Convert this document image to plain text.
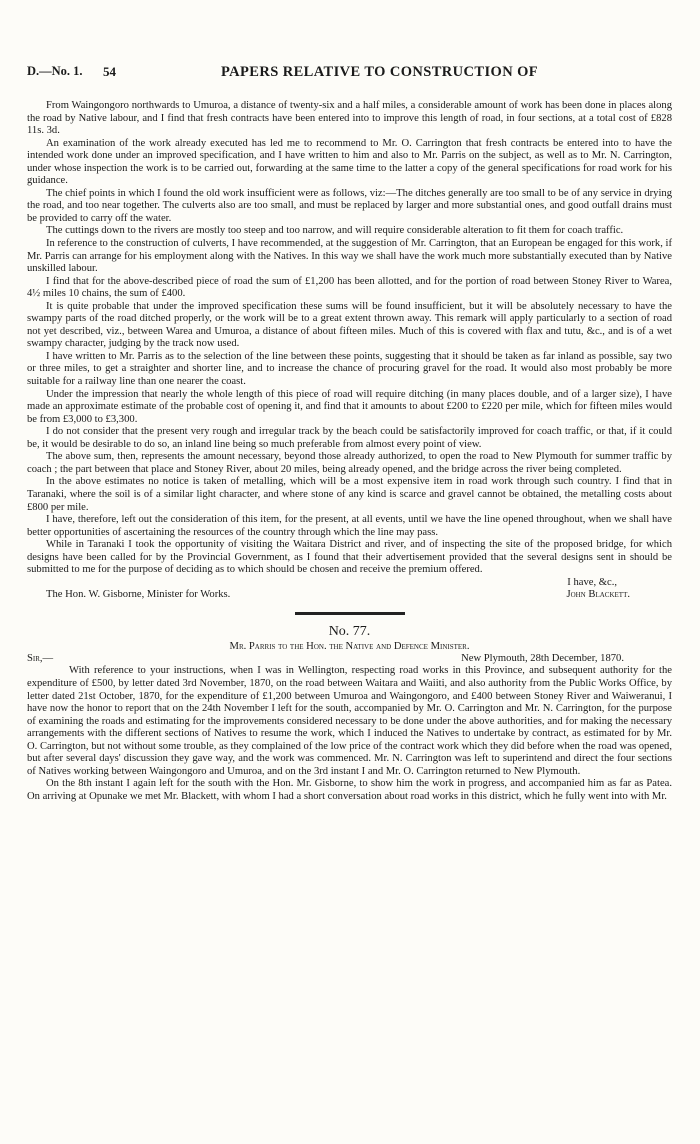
D.—No. 1. 54	PAPERS RELATIVE TO CONSTRUCTION OF

From Waingongoro northwards to Umuroa, a distance of twenty-six and a half miles, a considerable amount of work has been done in places along the road by Native labour, and I find that fresh contracts have been entered into to improve this length of road, in four sections, at a total cost of £828 11s. 3d.

An examination of the work already executed has led me to recommend to Mr. O. Carrington that fresh contracts be entered into to have the intended work done under an improved specification, and I have written to him and also to Mr. Parris on the subject, as well as to Mr. N. Carrington, under whose inspection the work is to be carried out, forwarding at the same time to the latter a copy of the general specifications for road work for his guidance.

The chief points in which I found the old work insufficient were as follows, viz:—The ditches generally are too small to be of any service in drying the road, and too near together. The culverts also are too small, and must be replaced by larger and more substantial ones, and good outfall drains must be provided to carry off the water.

The cuttings down to the rivers are mostly too steep and too narrow, and will require considerable alteration to fit them for coach traffic.

In reference to the construction of culverts, I have recommended, at the suggestion of Mr. Carrington, that an European be engaged for this work, if Mr. Parris can arrange for his employment along with the Natives. In this way we shall have the work much more substantially executed than by Native unskilled labour.

I find that for the above-described piece of road the sum of £1,200 has been allotted, and for the portion of road between Stoney River to Warea, 4½ miles 10 chains, the sum of £400.

It is quite probable that under the improved specification these sums will be found insufficient, but it will be absolutely necessary to have the swampy parts of the road ditched properly, or the work will be to a great extent thrown away. This remark will apply particularly to a section of road not yet described, viz., between Warea and Umuroa, a distance of about fifteen miles. Much of this is covered with flax and tutu, &c., and is of a wet swampy character, judging by the track now used.

I have written to Mr. Parris as to the selection of the line between these points, suggesting that it should be taken as far inland as possible, say two or three miles, to get a straighter and shorter line, and to increase the chance of procuring gravel for the road. It would also most probably be more suitable for a railway line than one nearer the coast.

Under the impression that nearly the whole length of this piece of road will require ditching (in many places double, and of a larger size), I have made an approximate estimate of the probable cost of opening it, and find that it amounts to about £200 to £220 per mile, which for fifteen miles would be from £3,000 to £3,300.

I do not consider that the present very rough and irregular track by the beach could be satisfactorily improved for coach traffic, or that, if it could be, it would be desirable to do so, an inland line being so much preferable from almost every point of view.

The above sum, then, represents the amount necessary, beyond those already authorized, to open the road to New Plymouth for summer traffic by coach ; the part between that place and Stoney River, about 20 miles, being already opened, and the bridge across the river being completed.

In the above estimates no notice is taken of metalling, which will be a most expensive item in road work through such country. I find that in Taranaki, where the soil is of a similar light character, and where stone of any kind is scarce and gravel cannot be obtained, the metalling costs about £800 per mile.

I have, therefore, left out the consideration of this item, for the present, at all events, until we have the line opened throughout, when we shall have better opportunities of ascertaining the resources of the country through which the line may pass.

While in Taranaki I took the opportunity of visiting the Waitara District and river, and of inspecting the site of the proposed bridge, for which designs have been called for by the Provincial Government, as I found that their advertisement provided that the several designs sent in should be submitted to me for the purpose of deciding as to which should be chosen and receive the premium offered.

I have, &c.,
The Hon. W. Gisborne, Minister for Works.	John Blackett.
No. 77.
Mr. Parris to the Hon. the Native and Defence Minister.
Sir,—	New Plymouth, 28th December, 1870.

With reference to your instructions, when I was in Wellington, respecting road works in this Province, and subsequent authority for the expenditure of £500, by letter dated 3rd November, 1870, on the road between Waitara and Waiiti, and also authority from the Public Works Office, by letter dated 21st October, 1870, for the expenditure of £1,200 between Umuroa and Waingongoro, and £400 between Stoney River and Waiweranui, I have now the honor to report that on the 24th November I left for the south, accompanied by Mr. O. Carrington and Mr. N. Carrington, for the purpose of examining the roads and estimating for the improvements considered necessary to be done under the above authorities, and for making the necessary arrangements with the different sections of Natives to resume the work, which I induced the Natives to undertake by contract, as estimated for by Mr. O. Carrington, but not without some trouble, as they complained of the low price of the contract work which they did before when the road was opened, but after several days' discussion they gave way, and the work was commenced. Mr. N. Carrington was left to superintend and direct the four sections of Natives working between Waingongoro and Umuroa, and on the 3rd instant I and Mr. O. Carrington returned to New Plymouth.

On the 8th instant I again left for the south with the Hon. Mr. Gisborne, to show him the work in progress, and accompanied him as far as Patea. On arriving at Opunake we met Mr. Blackett, with whom I had a short conversation about road works in this district, which he fully went into with Mr.
